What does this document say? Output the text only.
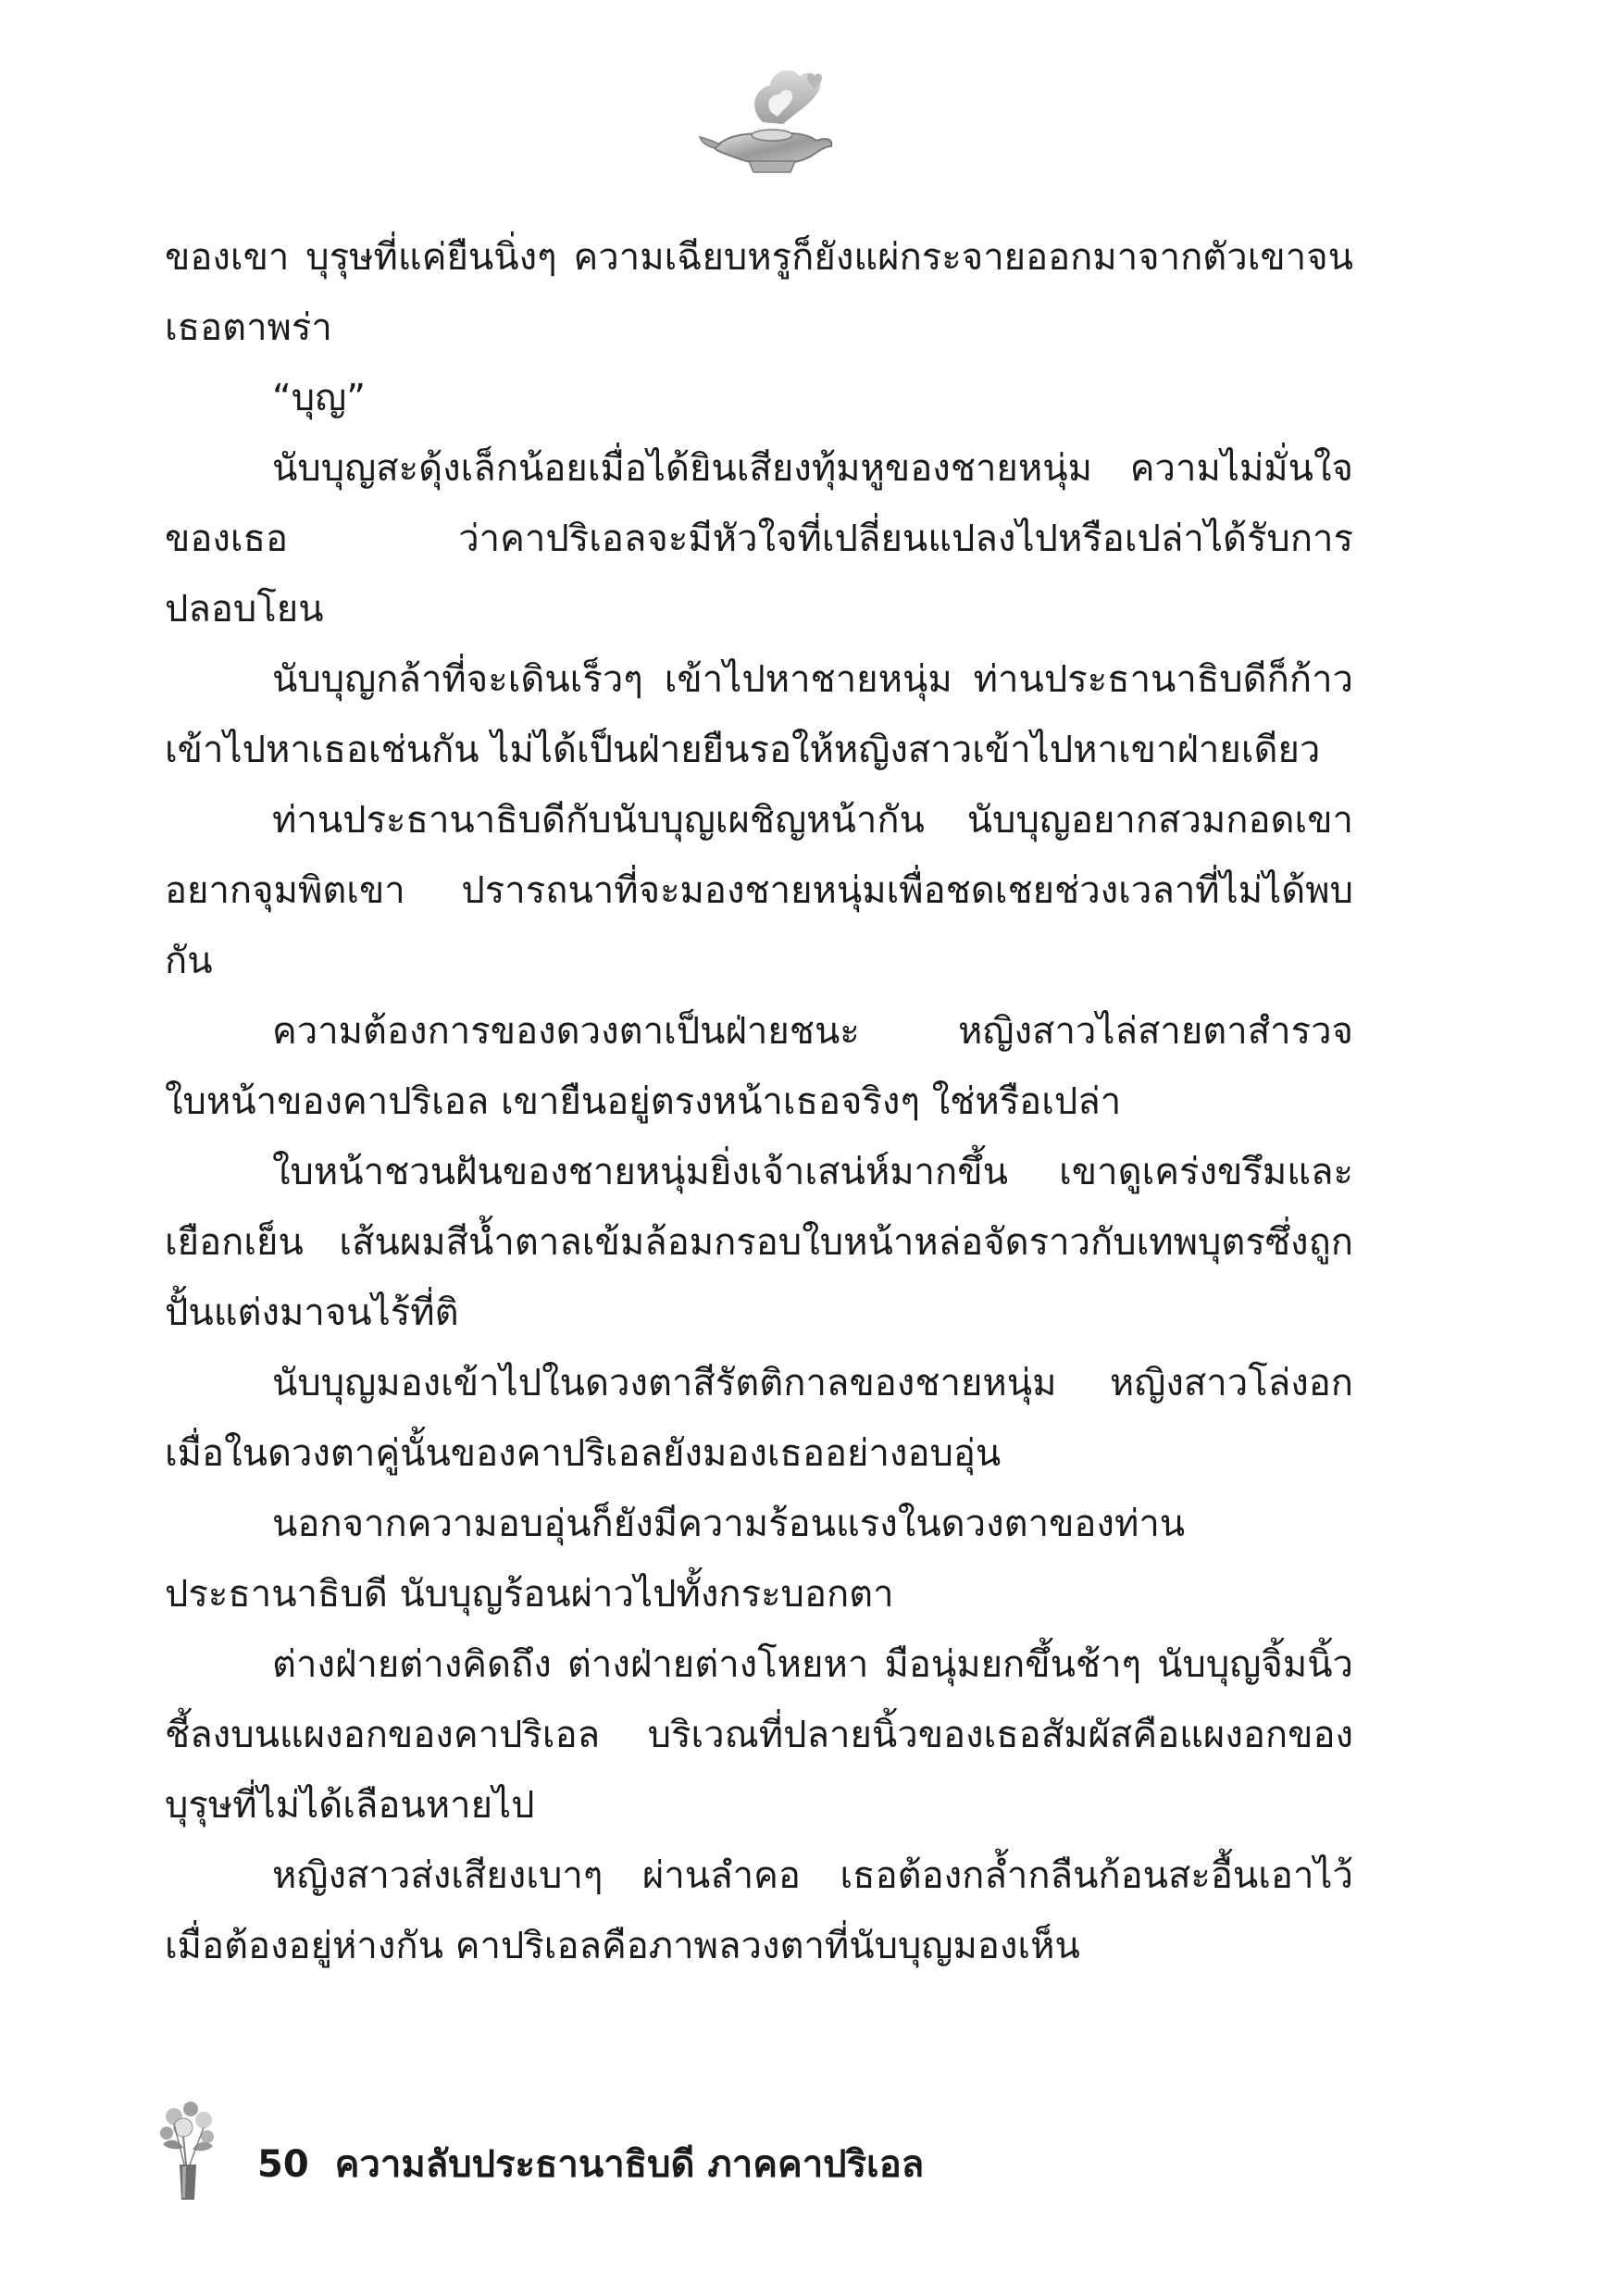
ของเขา บุรุษที่แค่ยืนนิ่งๆ ความเฉียบหรูก็ยังแผ่กระจายออกมาจากตัวเขาจนเธอตาพร่า

“บุญ”

นับบุญสะดุ้งเล็กน้อยเมื่อได้ยินเสียงทุ้มหูของชายหนุ่ม ความไม่มั่นใจของเธอ ว่าคาปริเอลจะมีหัวใจที่เปลี่ยนแปลงไปหรือเปล่าได้รับการปลอบโยน

นับบุญกล้าที่จะเดินเร็วๆ เข้าไปหาชายหนุ่ม ท่านประธานาธิบดีก็ก้าวเข้าไปหาเธอเช่นกัน ไม่ได้เป็นฝ่ายยืนรอให้หญิงสาวเข้าไปหาเขาฝ่ายเดียว

ท่านประธานาธิบดีกับนับบุญเผชิญหน้ากัน นับบุญอยากสวมกอดเขา อยากจุมพิตเขา ปรารถนาที่จะมองชายหนุ่มเพื่อชดเชยช่วงเวลาที่ไม่ได้พบกัน

ความต้องการของดวงตาเป็นฝ่ายชนะ หญิงสาวไล่สายตาสำรวจใบหน้าของคาปริเอล เขายืนอยู่ตรงหน้าเธอจริงๆ ใช่หรือเปล่า

ใบหน้าชวนฝันของชายหนุ่มยิ่งเจ้าเสน่ห์มากขึ้น เขาดูเคร่งขรึมและเยือกเย็น เส้นผมสีน้ำตาลเข้มล้อมกรอบใบหน้าหล่อจัดราวกับเทพบุตรซึ่งถูกปั้นแต่งมาจนไร้ที่ติ

นับบุญมองเข้าไปในดวงตาสีรัตติกาลของชายหนุ่ม หญิงสาวโล่งอกเมื่อในดวงตาคู่นั้นของคาปริเอลยังมองเธออย่างอบอุ่น

นอกจากความอบอุ่นก็ยังมีความร้อนแรงในดวงตาของท่านประธานาธิบดี นับบุญร้อนผ่าวไปทั้งกระบอกตา

ต่างฝ่ายต่างคิดถึง ต่างฝ่ายต่างโหยหา มือนุ่มยกขึ้นช้าๆ นับบุญจิ้มนิ้วชี้ลงบนแผงอกของคาปริเอล บริเวณที่ปลายนิ้วของเธอสัมผัสคือแผงอกของบุรุษที่ไม่ได้เลือนหายไป

หญิงสาวส่งเสียงเบาๆ ผ่านลำคอ เธอต้องกล้ำกลืนก้อนสะอื้นเอาไว้ เมื่อต้องอยู่ห่างกัน คาปริเอลคือภาพลวงตาที่นับบุญมองเห็น

50 ความลับประธานาธิบดี ภาคคาปริเอล
